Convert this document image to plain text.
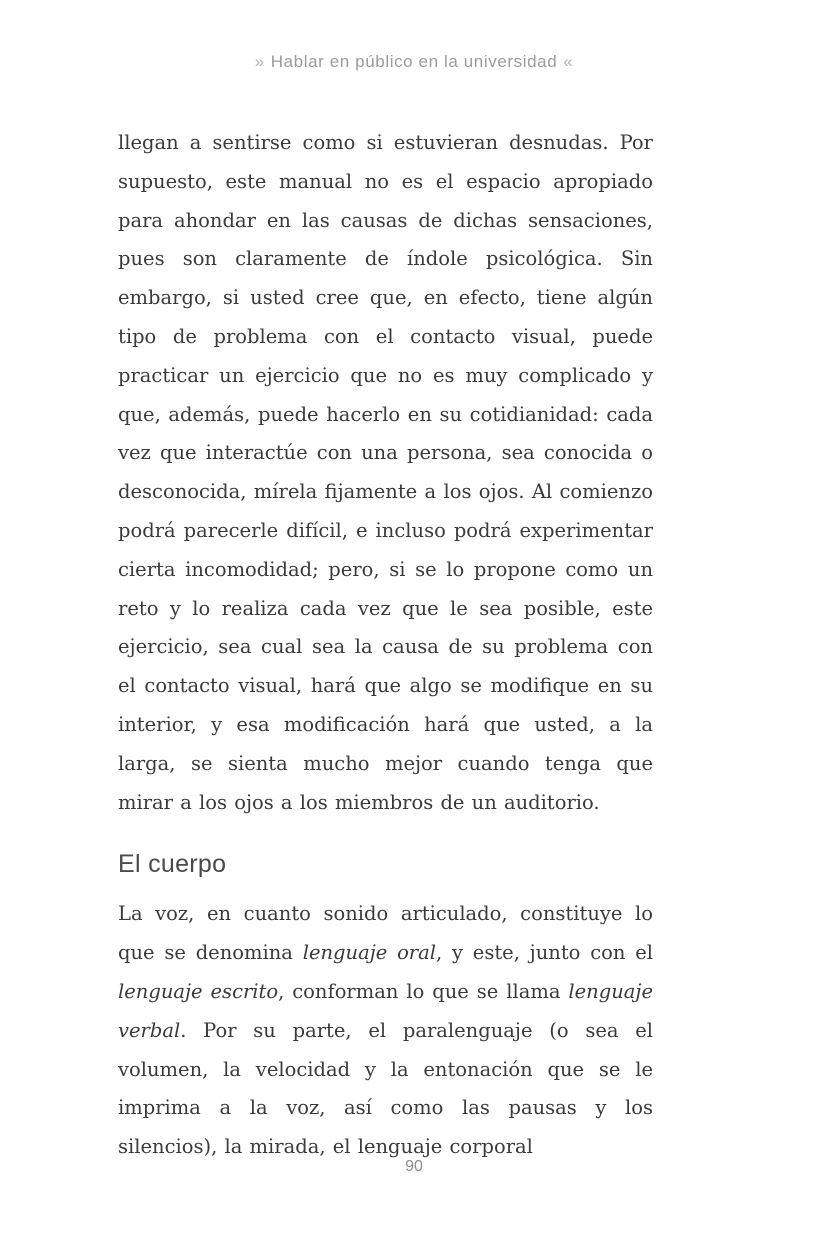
» Hablar en público en la universidad «

llegan a sentirse como si estuvieran desnudas. Por supuesto, este manual no es el espacio apropiado para ahondar en las causas de dichas sensaciones, pues son claramente de índole psicológica. Sin embargo, si usted cree que, en efecto, tiene algún tipo de problema con el contacto visual, puede practicar un ejercicio que no es muy complicado y que, además, puede hacerlo en su cotidianidad: cada vez que interactúe con una persona, sea conocida o desconocida, mírela fijamente a los ojos. Al comienzo podrá parecerle difícil, e incluso podrá experimentar cierta incomodidad; pero, si se lo propone como un reto y lo realiza cada vez que le sea posible, este ejercicio, sea cual sea la causa de su problema con el contacto visual, hará que algo se modifique en su interior, y esa modificación hará que usted, a la larga, se sienta mucho mejor cuando tenga que mirar a los ojos a los miembros de un auditorio.

El cuerpo

La voz, en cuanto sonido articulado, constituye lo que se denomina lenguaje oral, y este, junto con el lenguaje escrito, conforman lo que se llama lenguaje verbal. Por su parte, el paralenguaje (o sea el volumen, la velocidad y la entonación que se le imprima a la voz, así como las pausas y los silencios), la mirada, el lenguaje corporal

90
